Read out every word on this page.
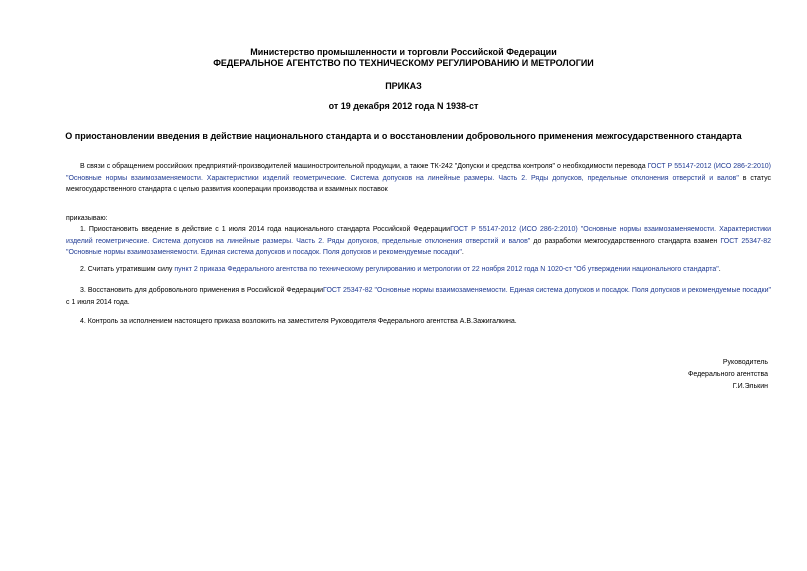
Министерство промышленности и торговли Российской Федерации
ФЕДЕРАЛЬНОЕ АГЕНТСТВО ПО ТЕХНИЧЕСКОМУ РЕГУЛИРОВАНИЮ И МЕТРОЛОГИИ
ПРИКАЗ
от 19 декабря 2012 года N 1938-ст
О приостановлении введения в действие национального стандарта и о восстановлении добровольного применения межгосударственного стандарта
В связи с обращением российских предприятий-производителей машиностроительной продукции, а также ТК-242 "Допуски и средства контроля" о необходимости перевода ГОСТ Р 55147-2012 (ИСО 286-2:2010) "Основные нормы взаимозаменяемости. Характеристики изделий геометрические. Система допусков на линейные размеры. Часть 2. Ряды допусков, предельные отклонения отверстий и валов" в статус межгосударственного стандарта с целью развития кооперации производства и взаимных поставок
приказываю:
1. Приостановить введение в действие с 1 июля 2014 года национального стандарта Российской ФедерацииГОСТ Р 55147-2012 (ИСО 286-2:2010) "Основные нормы взаимозаменяемости. Характеристики изделий геометрические. Система допусков на линейные размеры. Часть 2. Ряды допусков, предельные отклонения отверстий и валов" до разработки межгосударственного стандарта взамен ГОСТ 25347-82 "Основные нормы взаимозаменяемости. Единая система допусков и посадок. Поля допусков и рекомендуемые посадки".
2. Считать утратившим силу пункт 2 приказа Федерального агентства по техническому регулированию и метрологии от 22 ноября 2012 года N 1020-ст "Об утверждении национального стандарта".
3. Восстановить для добровольного применения в Российской ФедерацииГОСТ 25347-82 "Основные нормы взаимозаменяемости. Единая система допусков и посадок. Поля допусков и рекомендуемые посадки" с 1 июля 2014 года.
4. Контроль за исполнением настоящего приказа возложить на заместителя Руководителя Федерального агентства А.В.Зажигалкина.
Руководитель
Федерального агентства
Г.И.Элькин
